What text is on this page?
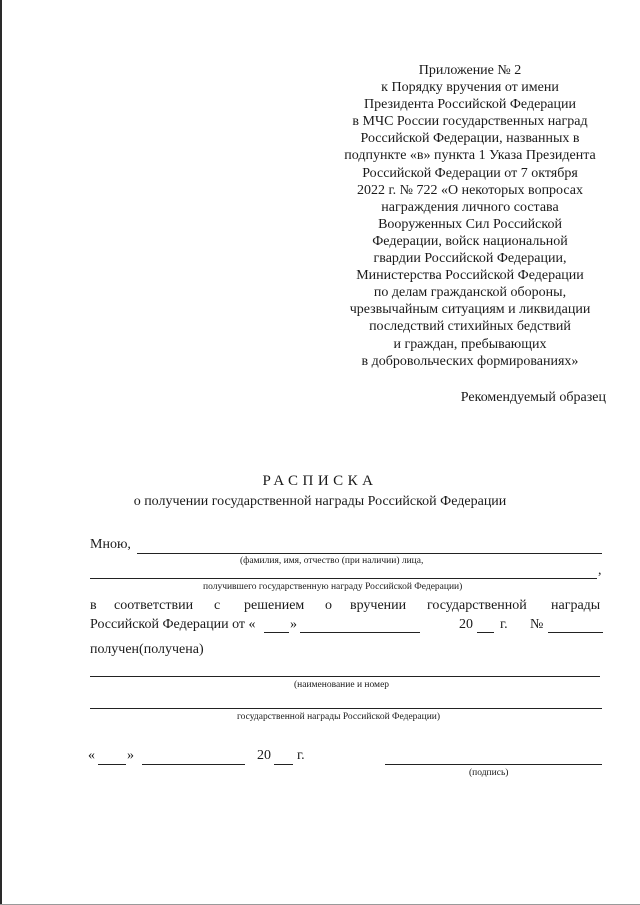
Приложение № 2
к Порядку вручения от имени
Президента Российской Федерации
в МЧС России государственных наград
Российской Федерации, названных в
подпункте «в» пункта 1 Указа Президента
Российской Федерации от 7 октября
2022 г. № 722 «О некоторых вопросах
награждения личного состава
Вооруженных Сил Российской
Федерации, войск национальной
гвардии Российской Федерации,
Министерства Российской Федерации
по делам гражданской обороны,
чрезвычайным ситуациям и ликвидации
последствий стихийных бедствий
и граждан, пребывающих
в добровольческих формированиях»
Рекомендуемый образец
РАСПИСКА
о получении государственной награды Российской Федерации
Мною,
(фамилия, имя, отчество (при наличии) лица,
,
получившего государственную награду Российской Федерации)
в соответствии с решением о вручении государственной награды
Российской Федерации от « »	20 г. №
получен(получена)
(наименование и номер
государственной награды Российской Федерации)
« »	20 г.
(подпись)
